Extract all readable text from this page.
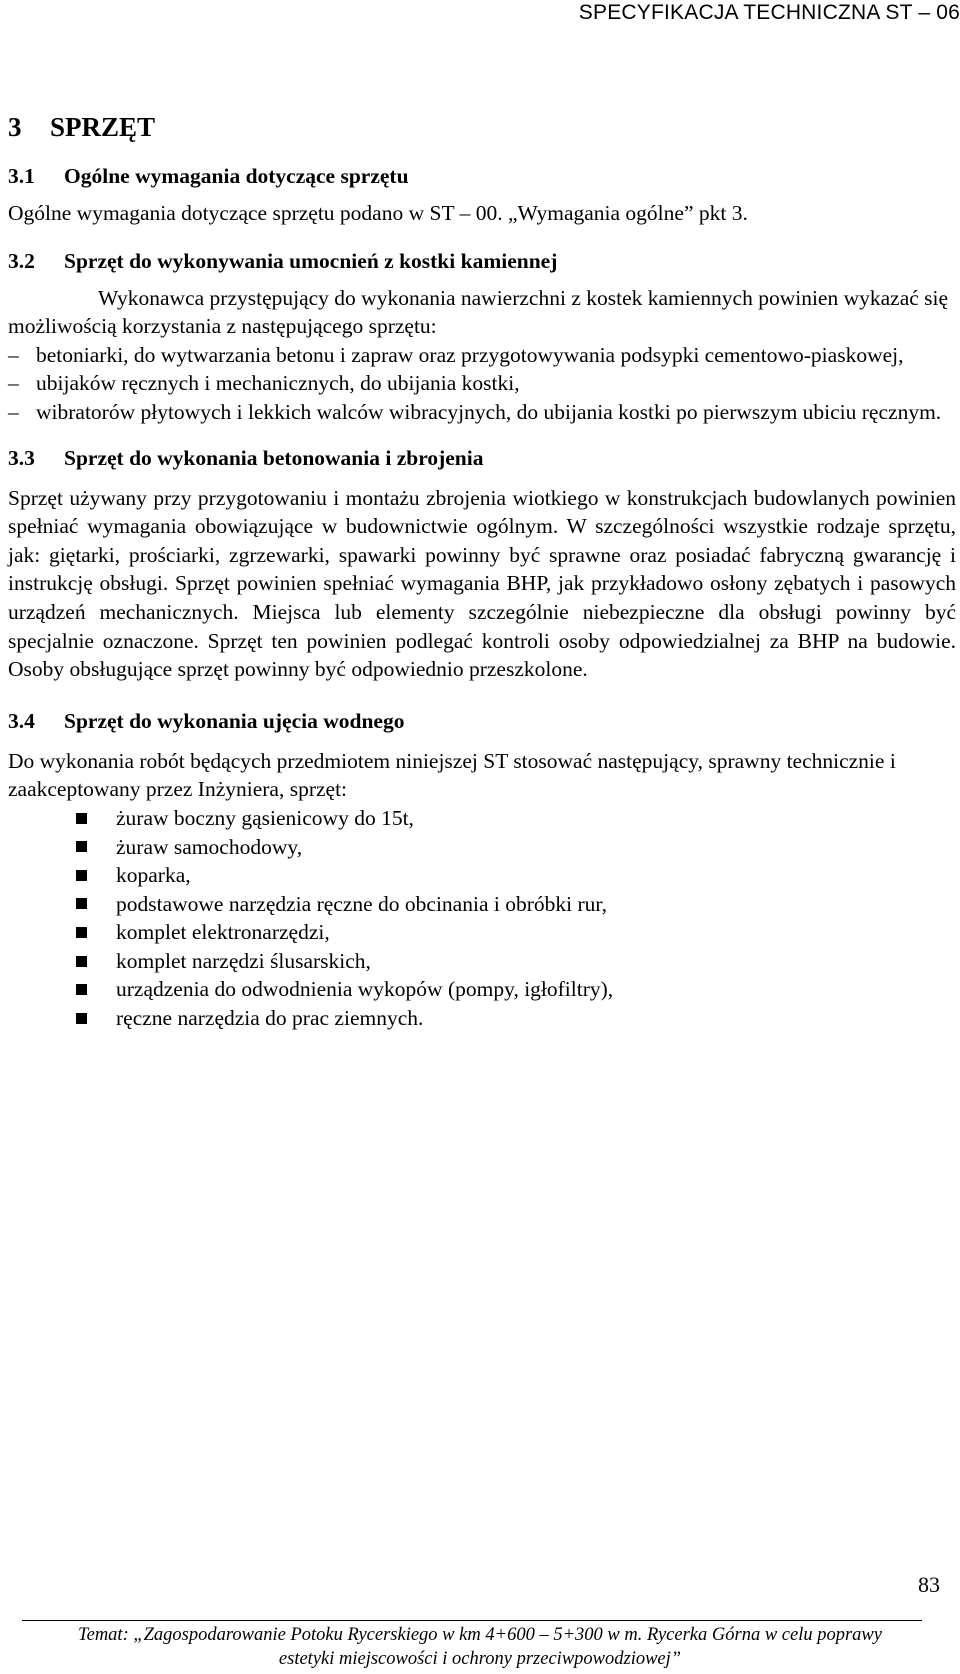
SPECYFIKACJA TECHNICZNA ST – 06
3	SPRZĘT
3.1	Ogólne wymagania dotyczące sprzętu

Ogólne wymagania dotyczące sprzętu podano w ST – 00. „Wymagania ogólne” pkt 3.

3.2	Sprzęt do wykonywania umocnień z kostki kamiennej

Wykonawca przystępujący do wykonania nawierzchni z kostek kamiennych powinien wykazać się możliwością korzystania z następującego sprzętu:

– betoniarki, do wytwarzania betonu i zapraw oraz przygotowywania podsypki cementowo-piaskowej,
– ubijaków ręcznych i mechanicznych, do ubijania kostki,
– wibratorów płytowych i lekkich walców wibracyjnych, do ubijania kostki po pierwszym ubiciu ręcznym.
3.3	Sprzęt do wykonania betonowania i zbrojenia

Sprzęt używany przy przygotowaniu i montażu zbrojenia wiotkiego w konstrukcjach budowlanych powinien spełniać wymagania obowiązujące w budownictwie ogólnym. W szczególności wszystkie rodzaje sprzętu, jak: giętarki, prościarki, zgrzewarki, spawarki powinny być sprawne oraz posiadać fabryczną gwarancję i instrukcję obsługi. Sprzęt powinien spełniać wymagania BHP, jak przykładowo osłony zębatych i pasowych urządzeń mechanicznych. Miejsca lub elementy szczególnie niebezpieczne dla obsługi powinny być specjalnie oznaczone. Sprzęt ten powinien podlegać kontroli osoby odpowiedzialnej za BHP na budowie. Osoby obsługujące sprzęt powinny być odpowiednio przeszkolone.

3.4	Sprzęt do wykonania ujęcia wodnego

Do wykonania robót będących przedmiotem niniejszej ST stosować następujący, sprawny technicznie i zaakceptowany przez Inżyniera, sprzęt:

żuraw boczny gąsienicowy do 15t,
żuraw samochodowy,
koparka,
podstawowe narzędzia ręczne do obcinania i obróbki rur,
komplet elektronarzędzi,
komplet narzędzi ślusarskich,
urządzenia do odwodnienia wykopów (pompy, igłofiltry),
ręczne narzędzia do prac ziemnych.
83
Temat: „Zagospodarowanie Potoku Rycerskiego w km 4+600 – 5+300 w m. Rycerka Górna w celu poprawy
estetyki miejscowości i ochrony przeciwpowodziowej”
